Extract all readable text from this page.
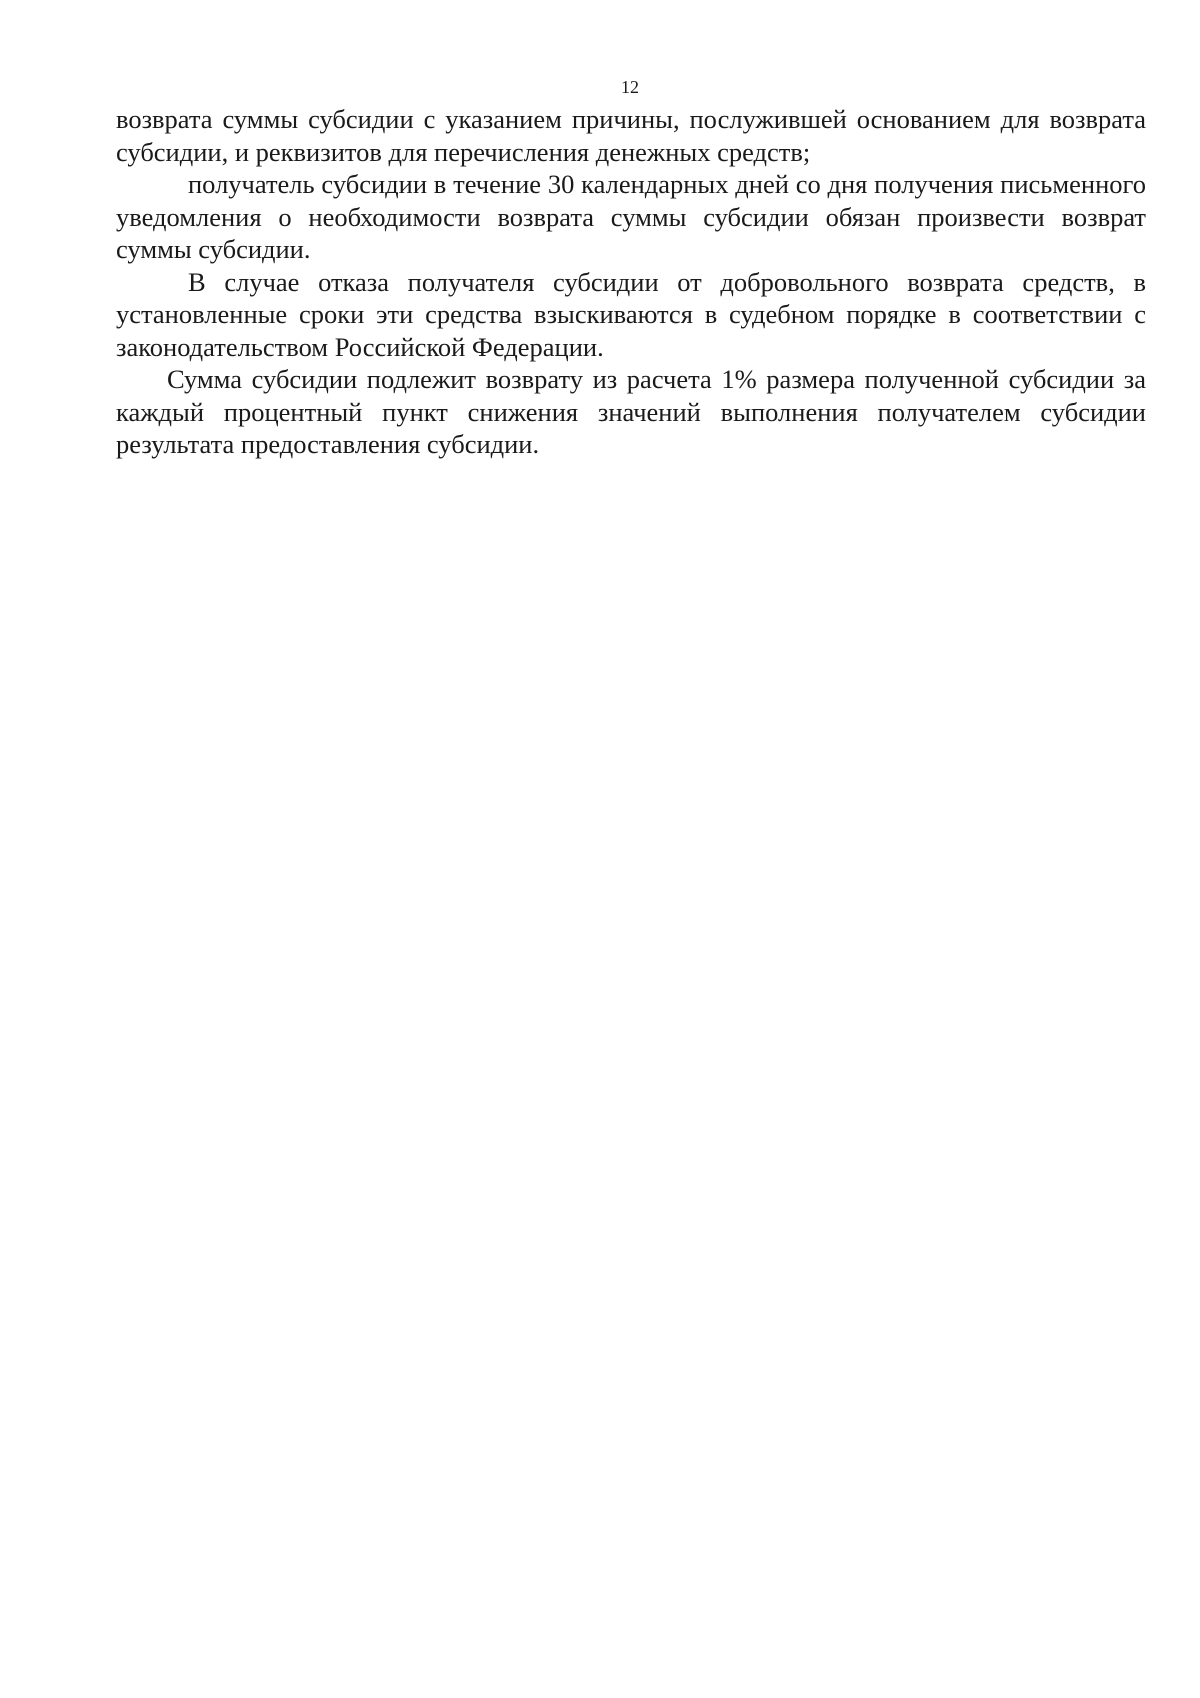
12

возврата суммы субсидии с указанием причины, послужившей основанием для возврата субсидии, и реквизитов для перечисления денежных средств;

получатель субсидии в течение 30 календарных дней со дня получения письменного уведомления о необходимости возврата суммы субсидии обязан произвести возврат суммы субсидии.

В случае отказа получателя субсидии от добровольного возврата средств, в установленные сроки эти средства взыскиваются в судебном порядке в соответствии с законодательством Российской Федерации.

Сумма субсидии подлежит возврату из расчета 1% размера полученной субсидии за каждый процентный пункт снижения значений выполнения получателем субсидии результата предоставления субсидии.
